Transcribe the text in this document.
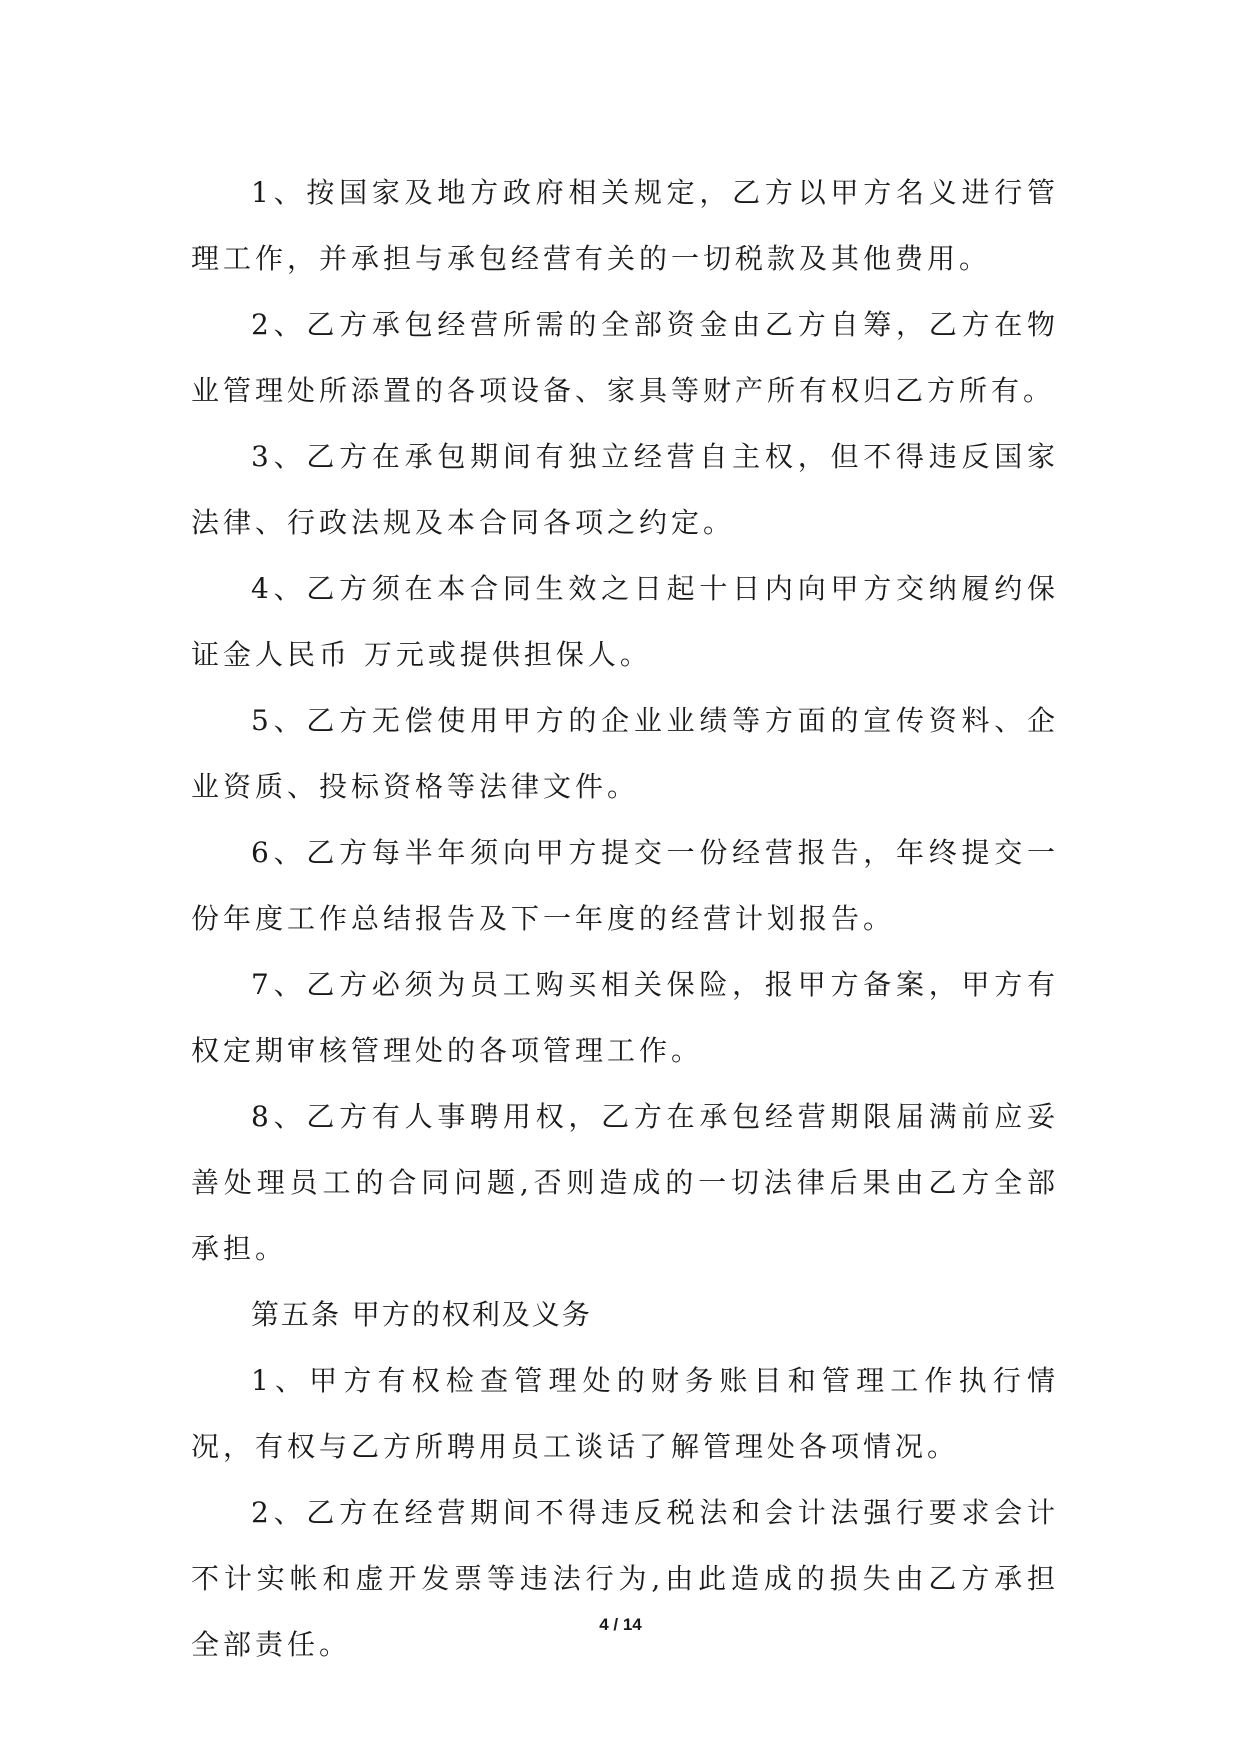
1、按国家及地方政府相关规定，乙方以甲方名义进行管理工作，并承担与承包经营有关的一切税款及其他费用。

2、乙方承包经营所需的全部资金由乙方自筹，乙方在物业管理处所添置的各项设备、家具等财产所有权归乙方所有。

3、乙方在承包期间有独立经营自主权，但不得违反国家法律、行政法规及本合同各项之约定。

4、乙方须在本合同生效之日起十日内向甲方交纳履约保证金人民币 万元或提供担保人。

5、乙方无偿使用甲方的企业业绩等方面的宣传资料、企业资质、投标资格等法律文件。

6、乙方每半年须向甲方提交一份经营报告，年终提交一份年度工作总结报告及下一年度的经营计划报告。

7、乙方必须为员工购买相关保险，报甲方备案，甲方有权定期审核管理处的各项管理工作。

8、乙方有人事聘用权，乙方在承包经营期限届满前应妥善处理员工的合同问题,否则造成的一切法律后果由乙方全部承担。

第五条 甲方的权利及义务

1、甲方有权检查管理处的财务账目和管理工作执行情况，有权与乙方所聘用员工谈话了解管理处各项情况。

2、乙方在经营期间不得违反税法和会计法强行要求会计不计实帐和虚开发票等违法行为,由此造成的损失由乙方承担全部责任。

4 / 14
